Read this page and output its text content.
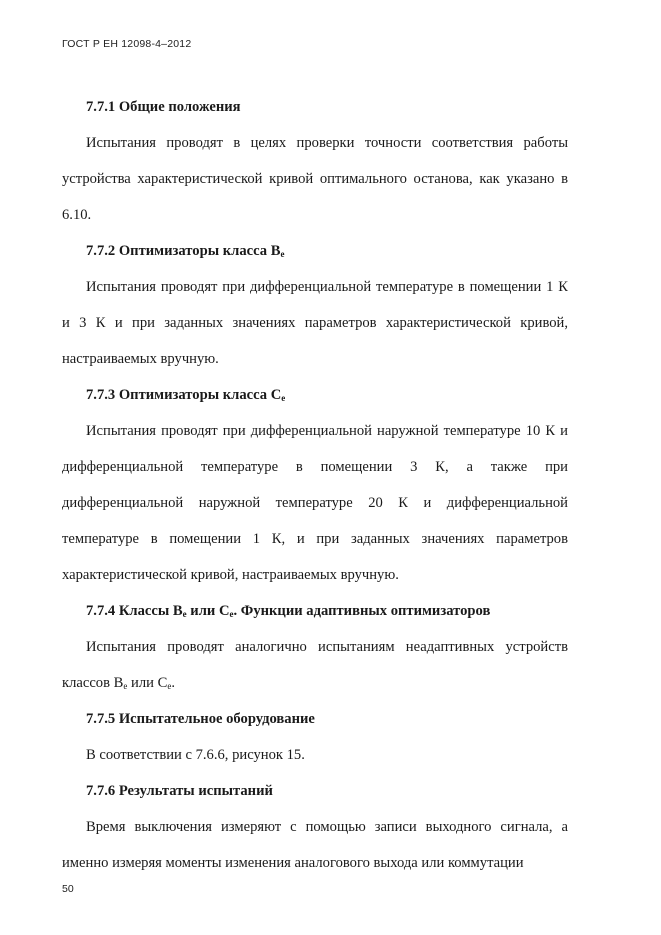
ГОСТ Р ЕН 12098-4–2012
7.7.1 Общие положения

Испытания проводят в целях проверки точности соответствия работы устройства характеристической кривой оптимального останова, как указано в 6.10.

7.7.2 Оптимизаторы класса $B_e$

Испытания проводят при дифференциальной температуре в помещении 1 К и 3 К и при заданных значениях параметров характеристической кривой, настраиваемых вручную.

7.7.3 Оптимизаторы класса $C_e$

Испытания проводят при дифференциальной наружной температуре 10 К и дифференциальной температуре в помещении 3 К, а также при дифференциальной наружной температуре 20 К и дифференциальной температуре в помещении 1 К, и при заданных значениях параметров характеристической кривой, настраиваемых вручную.

7.7.4 Классы $B_e$ или $C_e$. Функции адаптивных оптимизаторов

Испытания проводят аналогично испытаниям неадаптивных устройств классов $B_e$ или $C_e$.

7.7.5 Испытательное оборудование

В соответствии с 7.6.6, рисунок 15.

7.7.6 Результаты испытаний

Время выключения измеряют с помощью записи выходного сигнала, а именно измеряя моменты изменения аналогового выхода или коммутации

50
